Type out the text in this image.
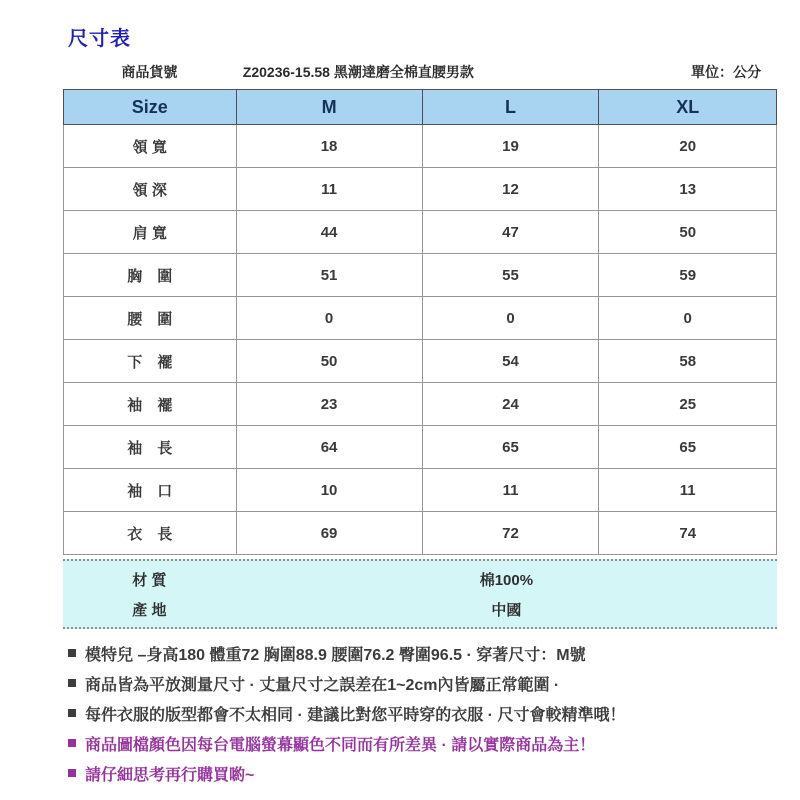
尺寸表
商品貨號	Z20236-15.58 黑潮達磨全棉直腰男款	單位：公分
Size	M	L	XL
領 寬	18	19	20
領 深	11	12	13
肩 寬	44	47	50
胸　圍	51	55	59
腰　圍	0	0	0
下　襬	50	54	58
袖　襬	23	24	25
袖　長	64	65	65
袖　口	10	11	11
衣　長	69	72	74
材 質	棉100%
產 地	中國
模特兒 –身高180 體重72 胸圍88.9 腰圍76.2 臀圍96.5 · 穿著尺寸：M號
商品皆為平放測量尺寸 · 丈量尺寸之誤差在1~2cm內皆屬正常範圍 ·
每件衣服的版型都會不太相同 · 建議比對您平時穿的衣服 · 尺寸會較精準哦！
商品圖檔顏色因每台電腦螢幕顯色不同而有所差異 · 請以實際商品為主！
請仔細思考再行購買喲~
